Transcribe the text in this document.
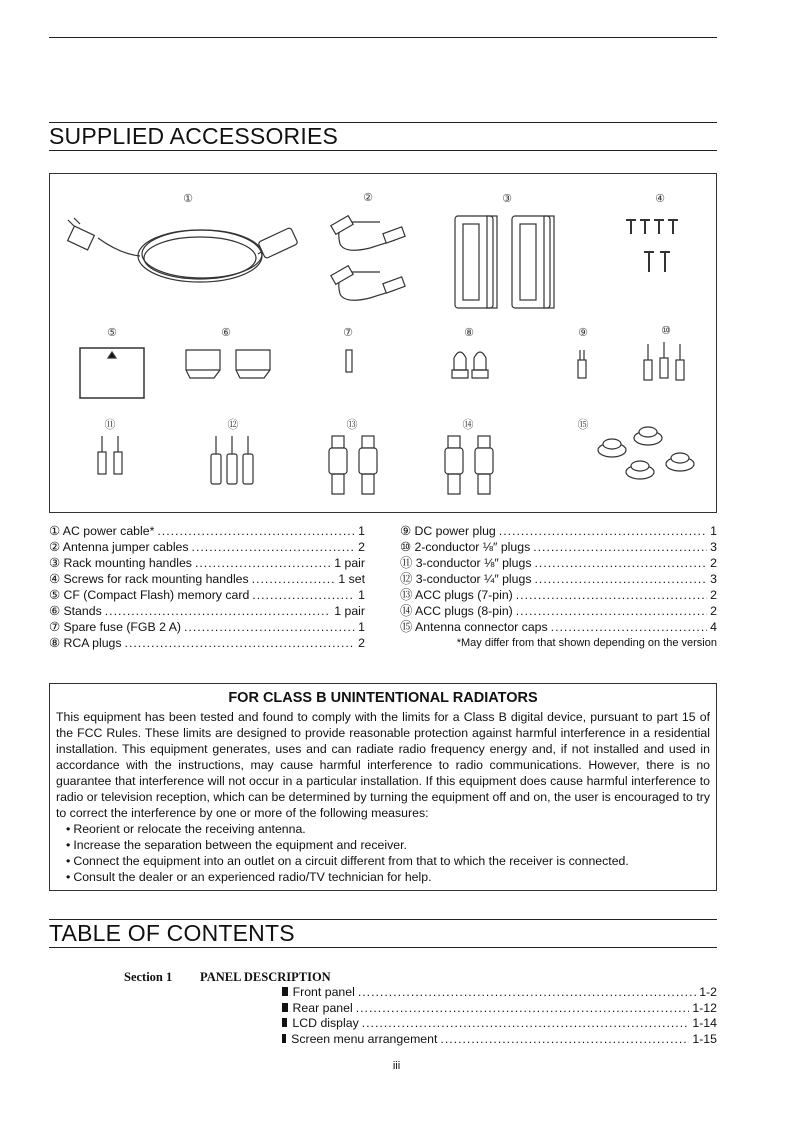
SUPPLIED ACCESSORIES
①	②	③	④
⑤	⑥	⑦	⑧	⑨	⑩
⑪	⑫	⑬	⑭	⑮
① AC power cable* .....	1
② Antenna jumper cables .....	2
③ Rack mounting handles .....	1 pair
④ Screws for rack mounting handles .....	1 set
⑤ CF (Compact Flash) memory card .....	1
⑥ Stands .....	1 pair
⑦ Spare fuse (FGB 2 A) .....	1
⑧ RCA plugs .....	2
⑨ DC power plug .....	1
⑩ 2-conductor ⅛″ plugs .....	3
⑪ 3-conductor ⅛″ plugs .....	2
⑫ 3-conductor ¼″ plugs .....	3
⑬ ACC plugs (7-pin) .....	2
⑭ ACC plugs (8-pin) .....	2
⑮ Antenna connector caps .....	4
*May differ from that shown depending on the version
FOR CLASS B UNINTENTIONAL RADIATORS

This equipment has been tested and found to comply with the limits for a Class B digital device, pursuant to part 15 of the FCC Rules. These limits are designed to provide reasonable protection against harmful interference in a residential installation. This equipment generates, uses and can radiate radio frequency energy and, if not installed and used in accordance with the instructions, may cause harmful interference to radio communications. However, there is no guarantee that interference will not occur in a particular installation. If this equipment does cause harmful interference to radio or television reception, which can be determined by turning the equipment off and on, the user is encouraged to try to correct the interference by one or more of the following measures:

• Reorient or relocate the receiving antenna.
• Increase the separation between the equipment and receiver.
• Connect the equipment into an outlet on a circuit different from that to which the receiver is connected.
• Consult the dealer or an experienced radio/TV technician for help.
TABLE OF CONTENTS
Section 1 PANEL DESCRIPTION
Front panel .....	1-2
Rear panel .....	1-12
LCD display .....	1-14
Screen menu arrangement .....	1-15
iii
